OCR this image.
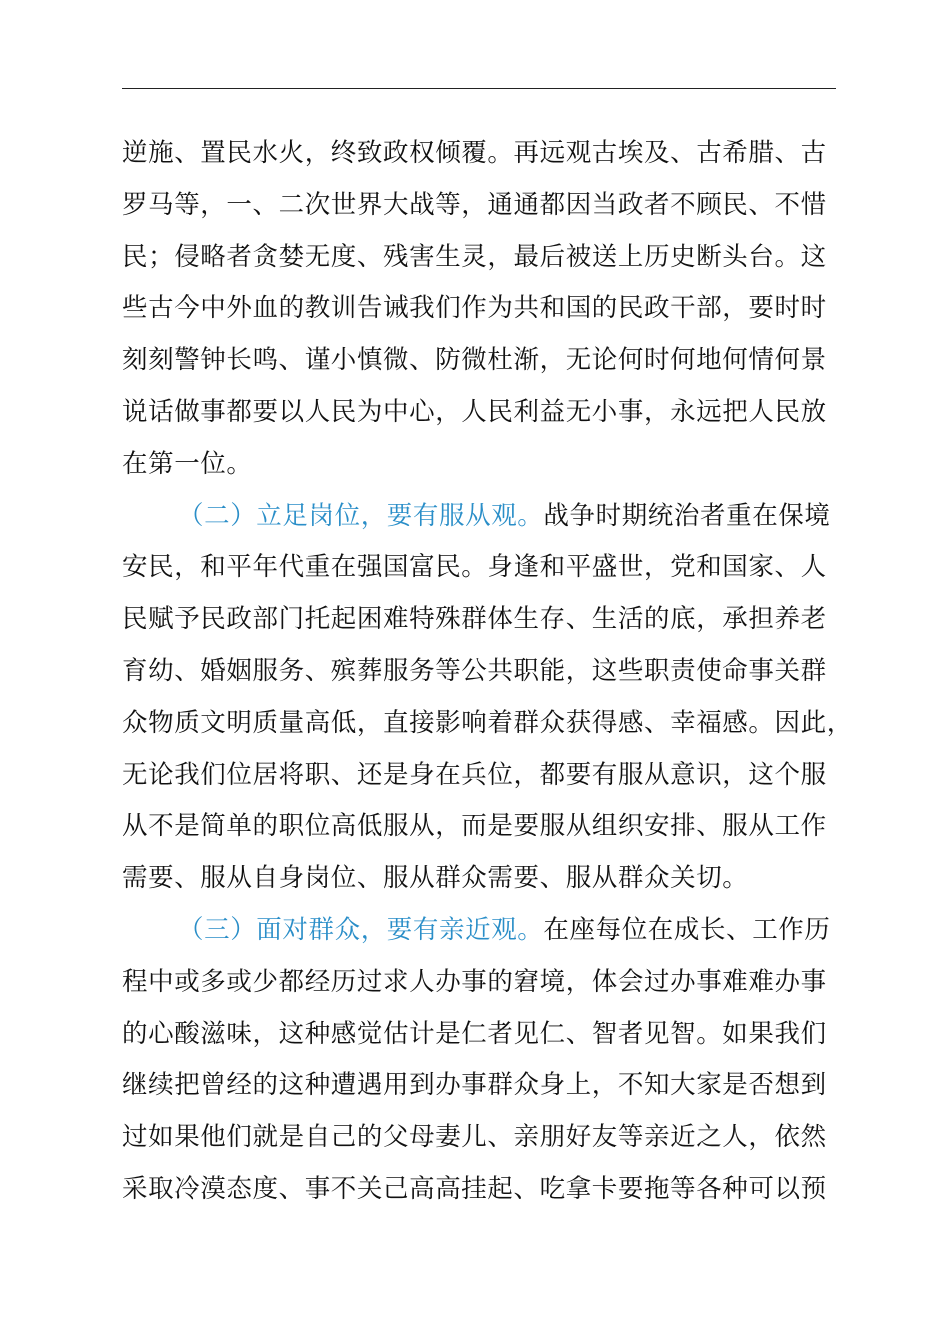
逆施、置民水火，终致政权倾覆。再远观古埃及、古希腊、古
罗马等，一、二次世界大战等，通通都因当政者不顾民、不惜
民；侵略者贪婪无度、残害生灵，最后被送上历史断头台。这
些古今中外血的教训告诫我们作为共和国的民政干部，要时时
刻刻警钟长鸣、谨小慎微、防微杜渐，无论何时何地何情何景
说话做事都要以人民为中心，人民利益无小事，永远把人民放
在第一位。
（二）立足岗位，要有服从观。战争时期统治者重在保境
安民，和平年代重在强国富民。身逢和平盛世，党和国家、人
民赋予民政部门托起困难特殊群体生存、生活的底，承担养老
育幼、婚姻服务、殡葬服务等公共职能，这些职责使命事关群
众物质文明质量高低，直接影响着群众获得感、幸福感。因此，
无论我们位居将职、还是身在兵位，都要有服从意识，这个服
从不是简单的职位高低服从，而是要服从组织安排、服从工作
需要、服从自身岗位、服从群众需要、服从群众关切。
（三）面对群众，要有亲近观。在座每位在成长、工作历
程中或多或少都经历过求人办事的窘境，体会过办事难难办事
的心酸滋味，这种感觉估计是仁者见仁、智者见智。如果我们
继续把曾经的这种遭遇用到办事群众身上，不知大家是否想到
过如果他们就是自己的父母妻儿、亲朋好友等亲近之人，依然
采取冷漠态度、事不关己高高挂起、吃拿卡要拖等各种可以预
